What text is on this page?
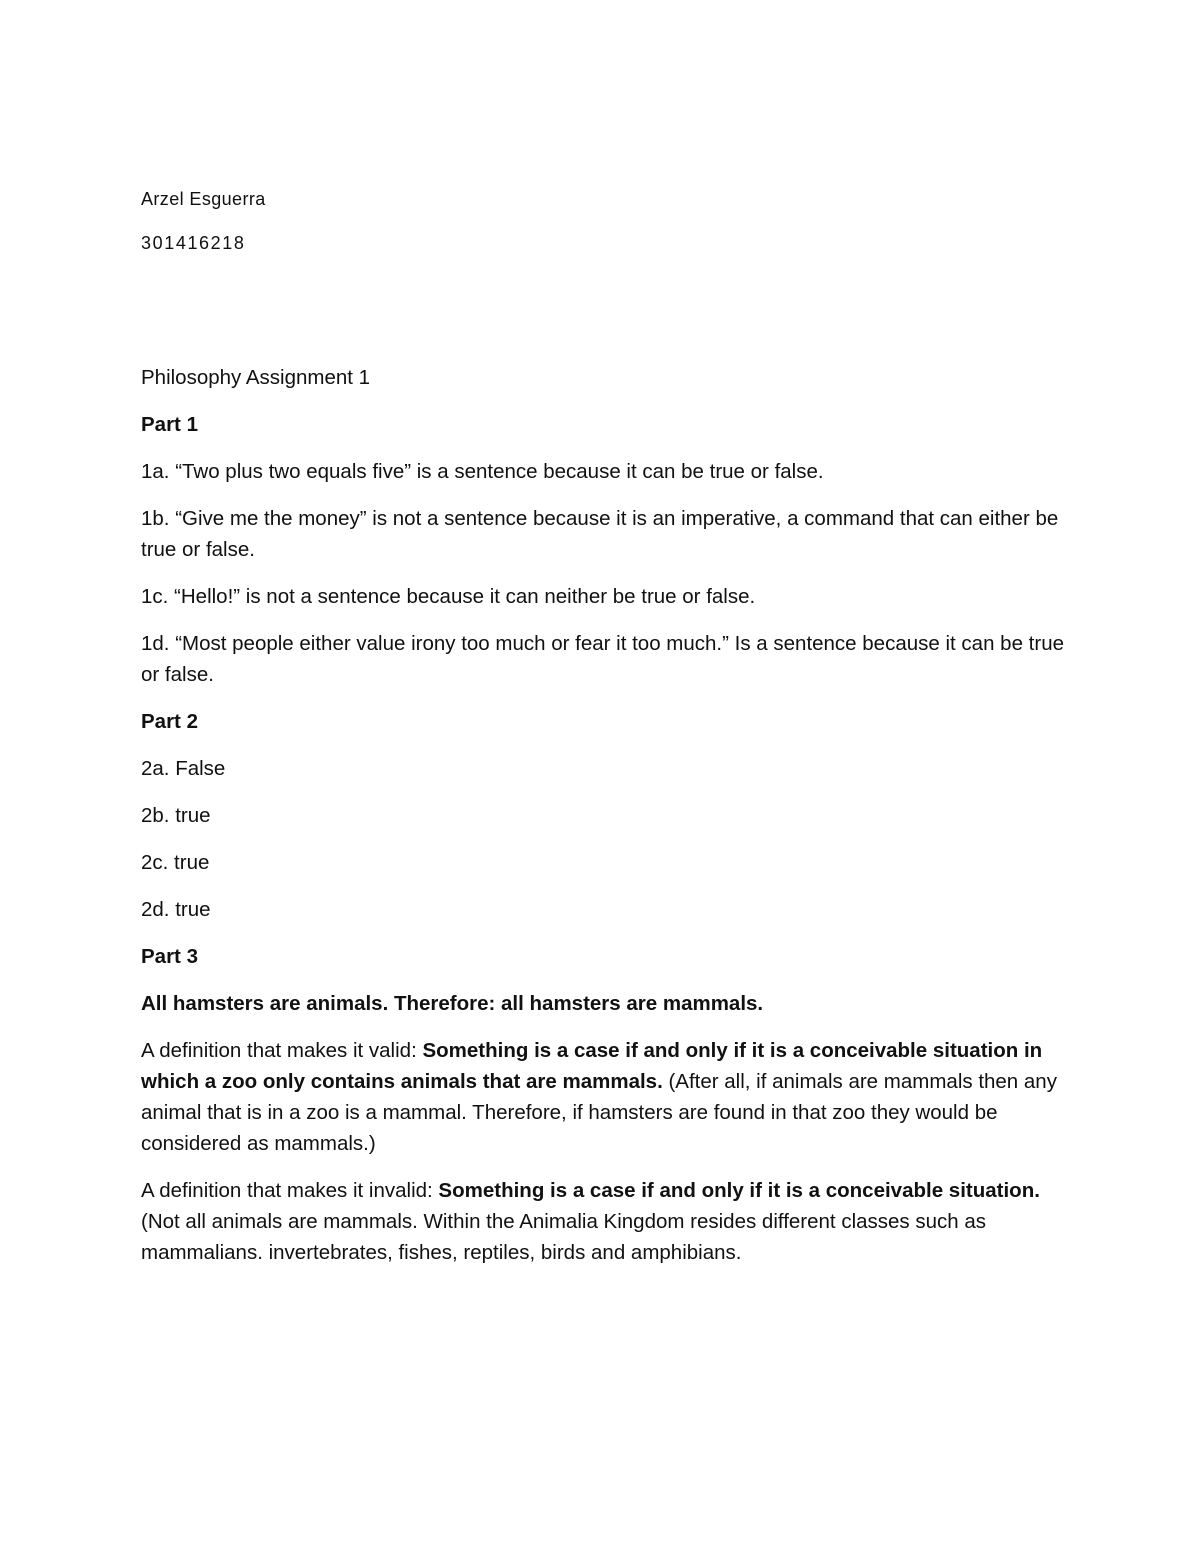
Arzel Esguerra

301416218

Philosophy Assignment 1

Part 1

1a. “Two plus two equals five” is a sentence because it can be true or false.

1b. “Give me the money” is not a sentence because it is an imperative, a command that can either be true or false.

1c. “Hello!” is not a sentence because it can neither be true or false.

1d. “Most people either value irony too much or fear it too much.” Is a sentence because it can be true or false.

Part 2

2a. False

2b. true

2c. true

2d. true

Part 3

All hamsters are animals. Therefore: all hamsters are mammals.

A definition that makes it valid: Something is a case if and only if it is a conceivable situation in which a zoo only contains animals that are mammals. (After all, if animals are mammals then any animal that is in a zoo is a mammal. Therefore, if hamsters are found in that zoo they would be considered as mammals.)

A definition that makes it invalid: Something is a case if and only if it is a conceivable situation. (Not all animals are mammals. Within the Animalia Kingdom resides different classes such as mammalians. invertebrates, fishes, reptiles, birds and amphibians.
